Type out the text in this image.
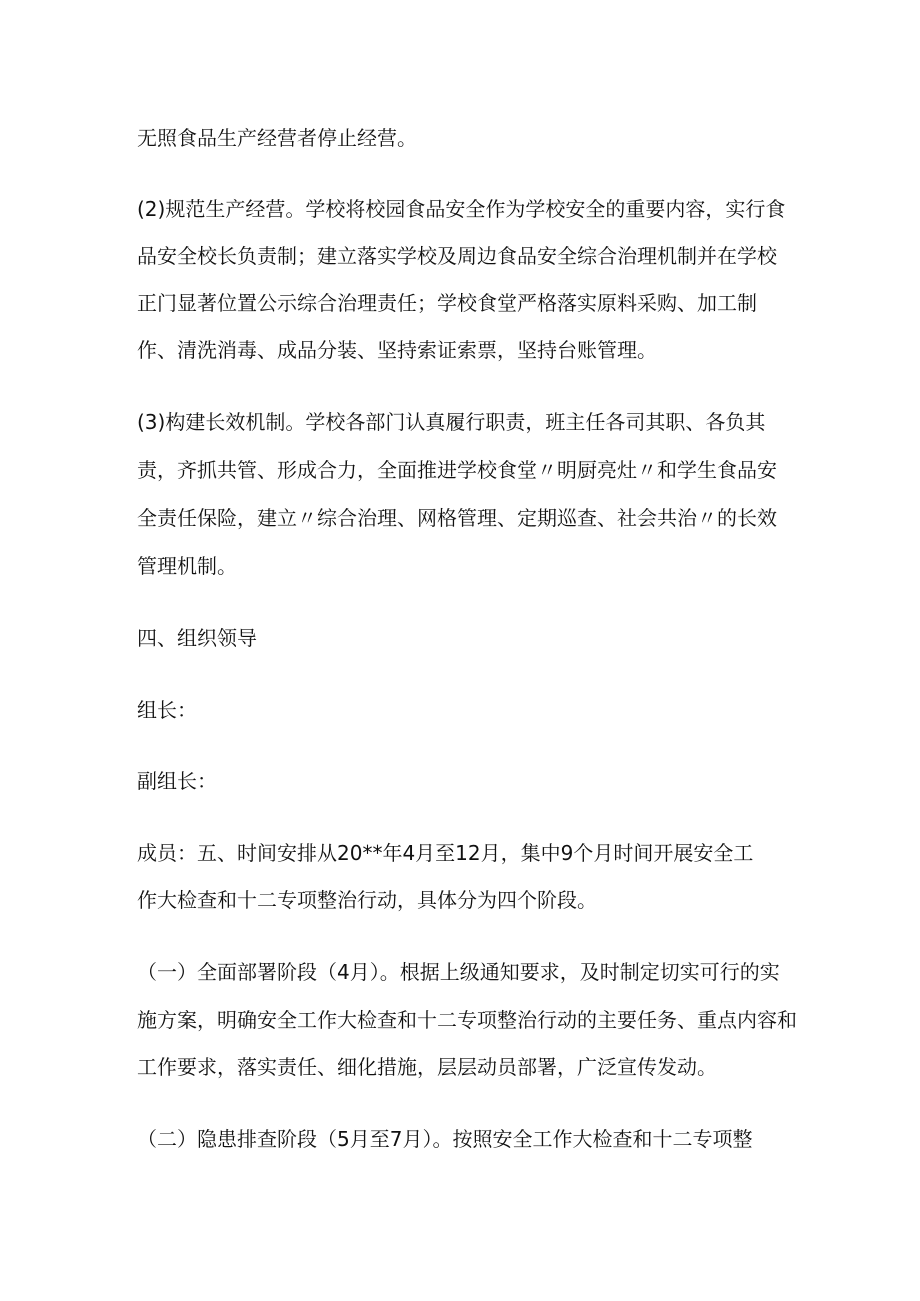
无照食品生产经营者停止经营。
(2)规范生产经营。学校将校园食品安全作为学校安全的重要内容，实行食
品安全校长负责制；建立落实学校及周边食品安全综合治理机制并在学校
正门显著位置公示综合治理责任；学校食堂严格落实原料采购、加工制
作、清洗消毒、成品分装、坚持索证索票，坚持台账管理。
(3)构建长效机制。学校各部门认真履行职责，班主任各司其职、各负其
责，齐抓共管、形成合力，全面推进学校食堂〃明厨亮灶〃和学生食品安
全责任保险，建立〃综合治理、网格管理、定期巡查、社会共治〃的长效
管理机制。
四、组织领导
组长：
副组长：
成员：五、时间安排从20**年4月至12月，集中9个月时间开展安全工
作大检查和十二专项整治行动，具体分为四个阶段。
（一）全面部署阶段（4月）。根据上级通知要求，及时制定切实可行的实
施方案，明确安全工作大检查和十二专项整治行动的主要任务、重点内容和
工作要求，落实责任、细化措施，层层动员部署，广泛宣传发动。
（二）隐患排查阶段（5月至7月）。按照安全工作大检查和十二专项整
